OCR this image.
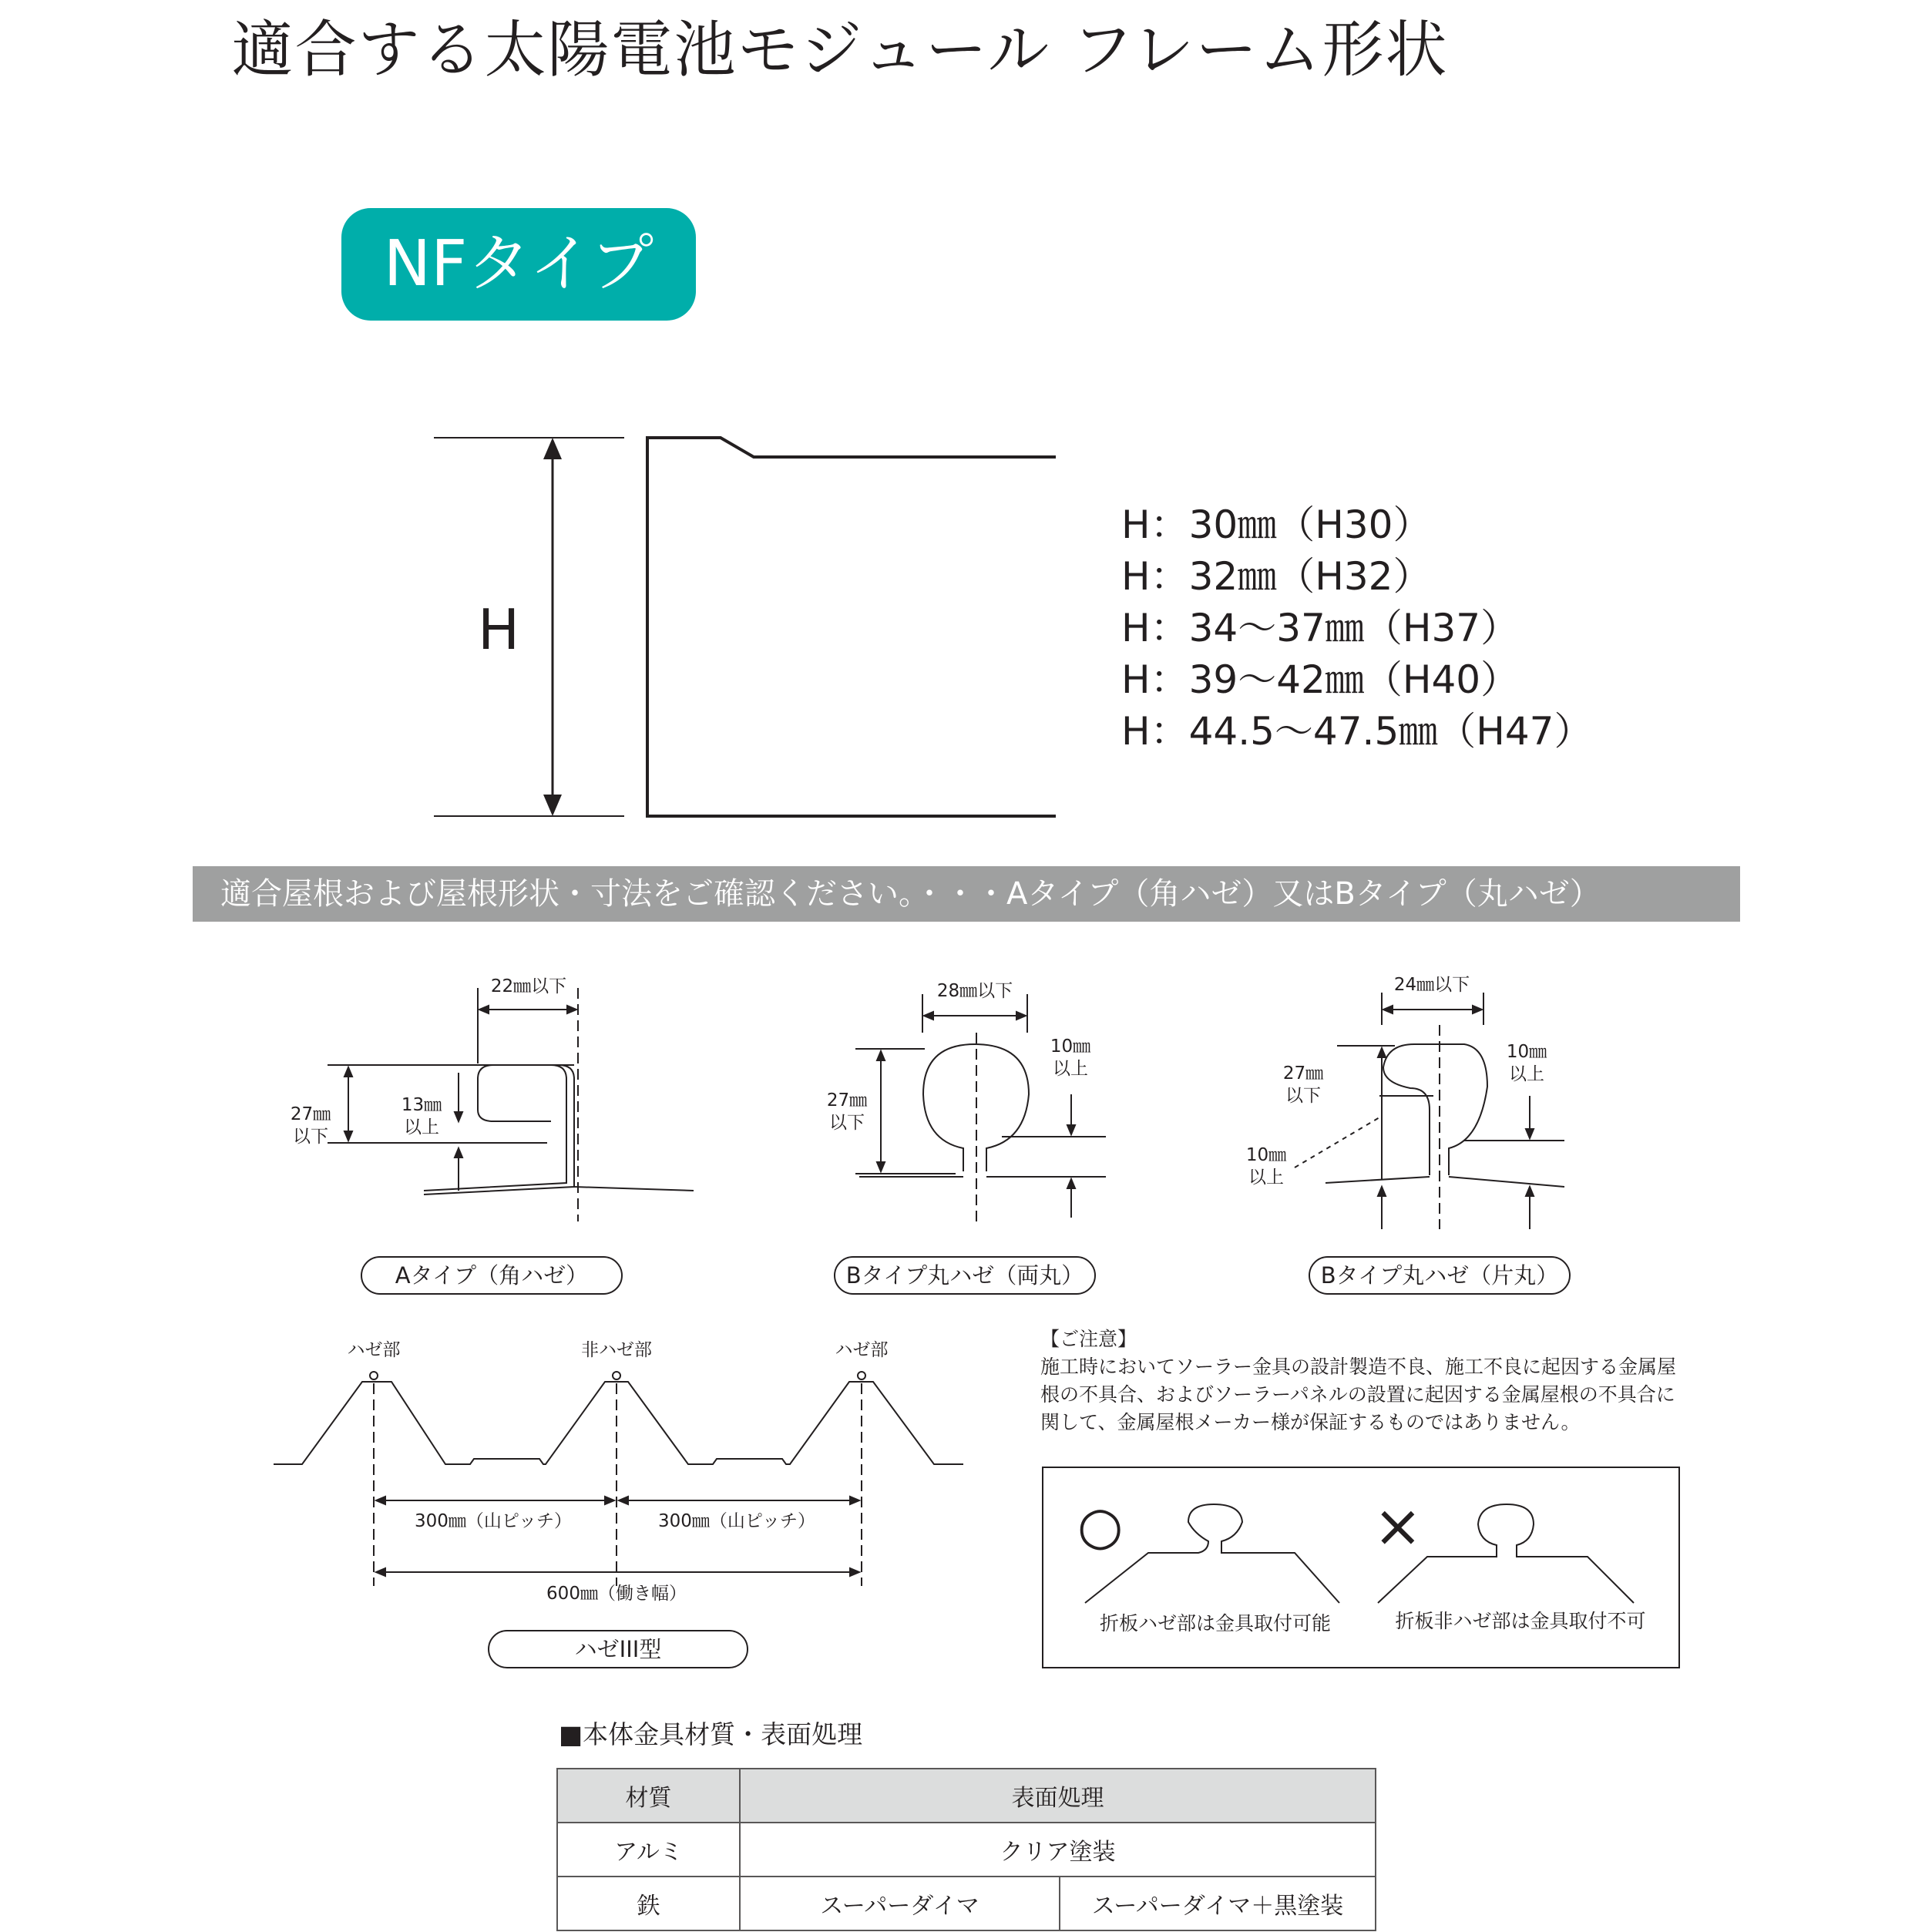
適合する太陽電池モジュール フレーム形状
NFタイプ
H
H：30㎜（H30）
H：32㎜（H32）
H：34～37㎜（H37）
H：39～42㎜（H40）
H：44.5～47.5㎜（H47）
適合屋根および屋根形状・寸法をご確認ください。・・・Aタイプ（角ハゼ）又はBタイプ（丸ハゼ）
22㎜以下
27㎜
以下
13㎜
以上
Aタイプ（角ハゼ）
28㎜以下
27㎜
以下
10㎜
以上
Bタイプ丸ハゼ（両丸）
24㎜以下
27㎜
以下
10㎜
以上
10㎜
以上
Bタイプ丸ハゼ（片丸）
ハゼ部	非ハゼ部	ハゼ部
300㎜（山ピッチ）	300㎜（山ピッチ）
600㎜（働き幅）
ハゼIII型
【ご注意】
施工時においてソーラー金具の設計製造不良、施工不良に起因する金属屋根の不具合、およびソーラーパネルの設置に起因する金属屋根の不具合に関して、金属屋根メーカー様が保証するものではありません。
○	×
折板ハゼ部は金具取付可能	折板非ハゼ部は金具取付不可
■本体金具材質・表面処理
材質	表面処理	
アルミ	クリア塗装	
鉄	スーパーダイマ	スーパーダイマ＋黒塗装
